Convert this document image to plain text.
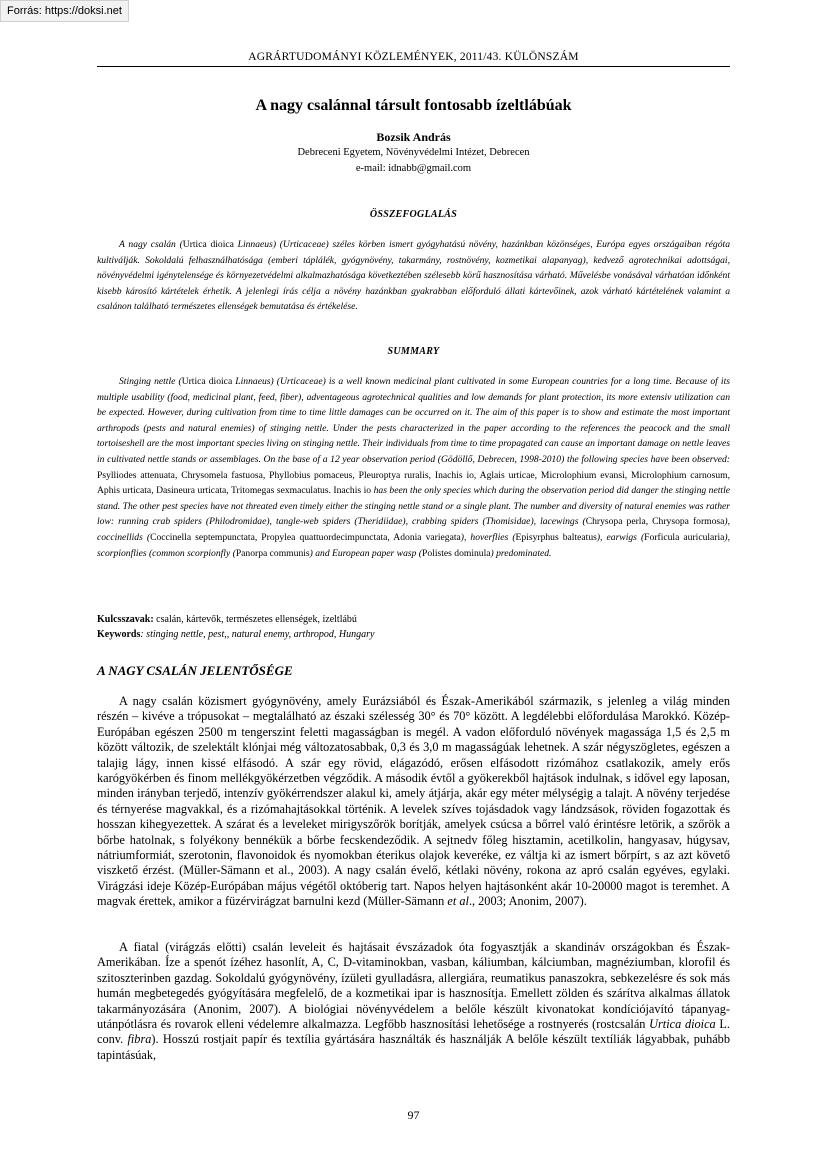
Forrás: https://doksi.net
AGRÁRTUDOMÁNYI KÖZLEMÉNYEK, 2011/43. KÜLÖNSZÁM
A nagy csalánnal társult fontosabb ízeltlábúak
Bozsik András
Debreceni Egyetem, Növényvédelmi Intézet, Debrecen
e-mail: idnabb@gmail.com
ÖSSZEFOGLALÁS

A nagy csalán (Urtica dioica Linnaeus) (Urticaceae) széles körben ismert gyógyhatású növény, hazánkban közönséges, Európa egyes országaiban régóta kultiválják. Sokoldalú felhasználhatósága (emberi táplálék, gyógynövény, takarmány, rostnövény, kozmetikai alapanyag), kedvező agrotechnikai adottságai, növényvédelmi igénytelensége és környezetvédelmi alkalmazhatósága következtében szélesebb körű hasznosítása várható. Művelésbe vonásával várhatóan időnként kisebb károsító kártételek érhetik. A jelenlegi írás célja a növény hazánkban gyakrabban előforduló állati kártevőinek, azok várható kártételének valamint a csalánon található természetes ellenségek bemutatása és értékelése.

SUMMARY

Stinging nettle (Urtica dioica Linnaeus) (Urticaceae) is a well known medicinal plant cultivated in some European countries for a long time. Because of its multiple usability (food, medicinal plant, feed, fiber), adventageous agrotechnical qualities and low demands for plant protection, its more extensiv utilization can be expected. However, during cultivation from time to time little damages can be occurred on it. The aim of this paper is to show and estimate the most important arthropods (pests and natural enemies) of stinging nettle. Under the pests characterized in the paper according to the references the peacock and the small tortoiseshell are the most important species living on stinging nettle. Their individuals from time to time propagated can cause an important damage on nettle leaves in cultivated nettle stands or assemblages. On the base of a 12 year observation period (Gödöllő, Debrecen, 1998-2010) the following species have been observed: Psylliodes attenuata, Chrysomela fastuosa, Phyllobius pomaceus, Pleuroptya ruralis, Inachis io, Aglais urticae, Microlophium evansi, Microlophium carnosum, Aphis urticata, Dasineura urticata, Tritomegas sexmaculatus. Inachis io has been the only species which during the observation period did danger the stinging nettle stand. The other pest species have not threated even timely either the stinging nettle stand or a single plant. The number and diversity of natural enemies was rather low: running crab spiders (Philodromidae), tangle-web spiders (Theridiidae), crabbing spiders (Thomisidae), lacewings (Chrysopa perla, Chrysopa formosa), coccinellids (Coccinella septempunctata, Propylea quattuordecimpunctata, Adonia variegata), hoverflies (Episyrphus balteatus), earwigs (Forficula auricularia), scorpionflies (common scorpionfly (Panorpa communis) and European paper wasp (Polistes dominula) predominated.

Kulcsszavak: csalán, kártevők, természetes ellenségek, ízeltlábú

Keywords: stinging nettle, pest,, natural enemy, arthropod, Hungary

A NAGY CSALÁN JELENTŐSÉGE

A nagy csalán közismert gyógynövény, amely Eurázsiából és Észak-Amerikából származik, s jelenleg a világ minden részén – kivéve a trópusokat – megtalálható az északi szélesség 30° és 70° között. A legdélebbi előfordulása Marokkó. Közép-Európában egészen 2500 m tengerszint feletti magasságban is megél. A vadon előforduló növények magassága 1,5 és 2,5 m között változik, de szelektált klónjai még változatosabbak, 0,3 és 3,0 m magasságúak lehetnek. A szár négyszögletes, egészen a talajig lágy, innen kissé elfásodó. A szár egy rövid, elágazódó, erősen elfásodott rizómához csatlakozik, amely erős karógyökérben és finom mellékgyökérzetben végződik. A második évtől a gyökerekből hajtások indulnak, s idővel egy laposan, minden irányban terjedő, intenzív gyökérrendszer alakul ki, amely átjárja, akár egy méter mélységig a talajt. A növény terjedése és térnyerése magvakkal, és a rizómahajtásokkal történik. A levelek szíves tojásdadok vagy lándzsások, röviden fogazottak és hosszan kihegyezettek. A szárat és a leveleket mirigyszőrök borítják, amelyek csúcsa a bőrrel való érintésre letörik, a szőrök a bőrbe hatolnak, s folyékony bennékük a bőrbe fecskendeződik. A sejtnedv főleg hisztamin, acetilkolin, hangyasav, húgysav, nátriumformiát, szerotonin, flavonoidok és nyomokban éterikus olajok keveréke, ez váltja ki az ismert bőrpírt, s az azt követő viszkető érzést. (Müller-Sämann et al., 2003). A nagy csalán évelő, kétlaki növény, rokona az apró csalán egyéves, egylaki. Virágzási ideje Közép-Európában május végétől októberig tart. Napos helyen hajtásonként akár 10-20000 magot is teremhet. A magvak érettek, amikor a füzérvirágzat barnulni kezd (Müller-Sämann et al., 2003; Anonim, 2007).

A fiatal (virágzás előtti) csalán leveleit és hajtásait évszázadok óta fogyasztják a skandináv országokban és Észak-Amerikában. Íze a spenót ízéhez hasonlít, A, C, D-vitaminokban, vasban, káliumban, kálciumban, magnéziumban, klorofil és szitoszterinben gazdag. Sokoldalú gyógynövény, ízületi gyulladásra, allergiára, reumatikus panaszokra, sebkezelésre és sok más humán megbetegedés gyógyítására megfelelő, de a kozmetikai ipar is hasznosítja. Emellett zölden és szárítva alkalmas állatok takarmányozására (Anonim, 2007). A biológiai növényvédelem a belőle készült kivonatokat kondíciójavító tápanyag-utánpótlásra és rovarok elleni védelemre alkalmazza. Legfőbb hasznosítási lehetősége a rostnyerés (rostcsalán Urtica dioica L. conv. fibra). Hosszú rostjait papír és textília gyártására használták és használják A belőle készült textíliák lágyabbak, puhább tapintásúak,

97
